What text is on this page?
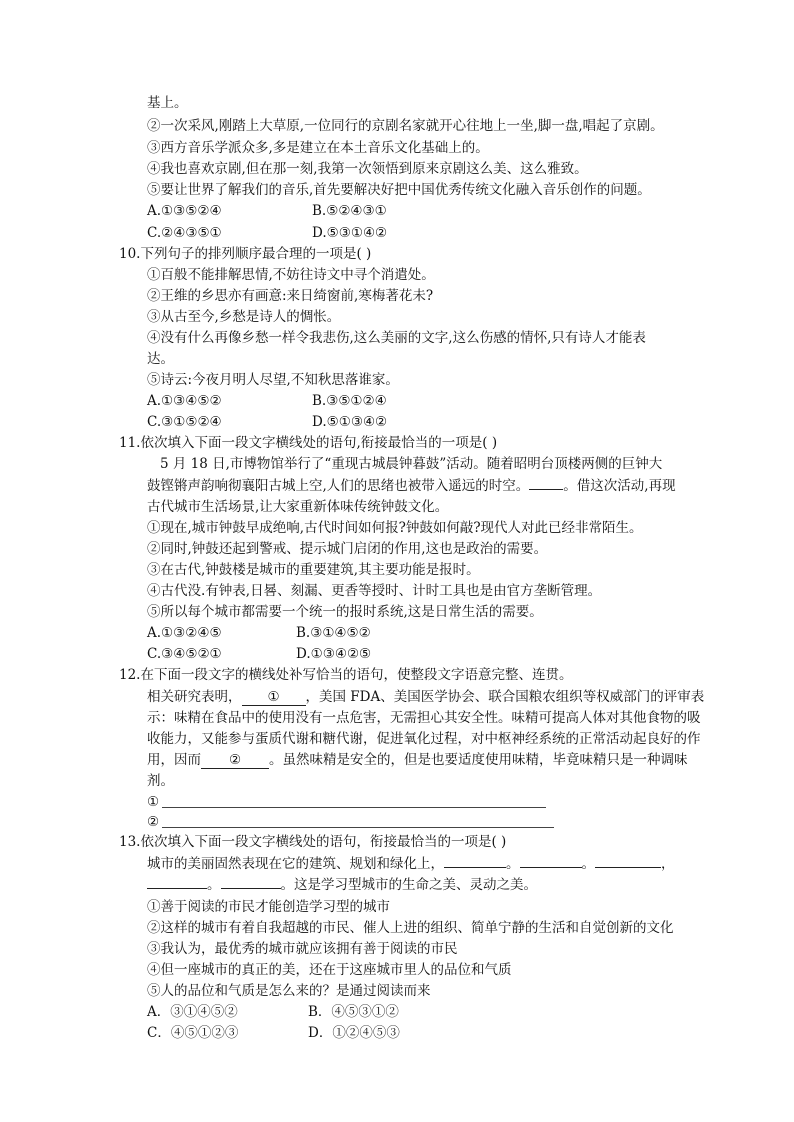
基上。
②一次采风,刚踏上大草原,一位同行的京剧名家就开心往地上一坐,脚一盘,唱起了京剧。
③西方音乐学派众多,多是建立在本土音乐文化基础上的。
④我也喜欢京剧,但在那一刻,我第一次领悟到原来京剧这么美、这么雅致。
⑤要让世界了解我们的音乐,首先要解决好把中国优秀传统文化融入音乐创作的问题。
A.①③⑤②④	B.⑤②④③①
C.②④③⑤①	D.⑤③①④②
10.下列句子的排列顺序最合理的一项是( )
①百般不能排解思情,不妨往诗文中寻个消遣处。
②王维的乡思亦有画意:来日绮窗前,寒梅著花未?
③从古至今,乡愁是诗人的惆怅。
④没有什么再像乡愁一样令我悲伤,这么美丽的文字,这么伤感的情怀,只有诗人才能表
达。
⑤诗云:今夜月明人尽望,不知秋思落谁家。
A.①③④⑤②	B.③⑤①②④
C.③①⑤②④	D.⑤①③④②
11.依次填入下面一段文字横线处的语句,衔接最恰当的一项是( )
5 月 18 日,市博物馆举行了“重现古城晨钟暮鼓”活动。随着昭明台顶楼两侧的巨钟大
鼓铿锵声韵响彻襄阳古城上空,人们的思绪也被带入遥远的时空。	。借这次活动,再现
古代城市生活场景,让大家重新体味传统钟鼓文化。
①现在,城市钟鼓早成绝响,古代时间如何报?钟鼓如何敲?现代人对此已经非常陌生。
②同时,钟鼓还起到警戒、提示城门启闭的作用,这也是政治的需要。
③在古代,钟鼓楼是城市的重要建筑,其主要功能是报时。
④古代没.有钟表,日晷、刻漏、更香等授时、计时工具也是由官方垄断管理。
⑤所以每个城市都需要一个统一的报时系统,这是日常生活的需要。
A.①③②④⑤	B.③①④⑤②
C.③④⑤②①	D.①③④②⑤
12.在下面一段文字的横线处补写恰当的语句，使整段文字语意完整、连贯。
相关研究表明， ① ，美国 FDA、美国医学协会、联合国粮农组织等权威部门的评审表
示：味精在食品中的使用没有一点危害，无需担心其安全性。味精可提高人体对其他食物的吸
收能力，又能参与蛋质代谢和糖代谢，促进氧化过程，对中枢神经系统的正常活动起良好的作
用，因而 ② 。虽然味精是安全的，但是也要适度使用味精，毕竟味精只是一种调味
剂。
①
②
13.依次填入下面一段文字横线处的语句，衔接最恰当的一项是( )
城市的美丽固然表现在它的建筑、规划和绿化上，	。	。	，
。	。这是学习型城市的生命之美、灵动之美。
①善于阅读的市民才能创造学习型的城市
②这样的城市有着自我超越的市民、催人上进的组织、简单宁静的生活和自觉创新的文化
③我认为，最优秀的城市就应该拥有善于阅读的市民
④但一座城市的真正的美，还在于这座城市里人的品位和气质
⑤人的品位和气质是怎么来的？是通过阅读而来
A．③①④⑤②	B．④⑤③①②
C．④⑤①②③	D．①②④⑤③
